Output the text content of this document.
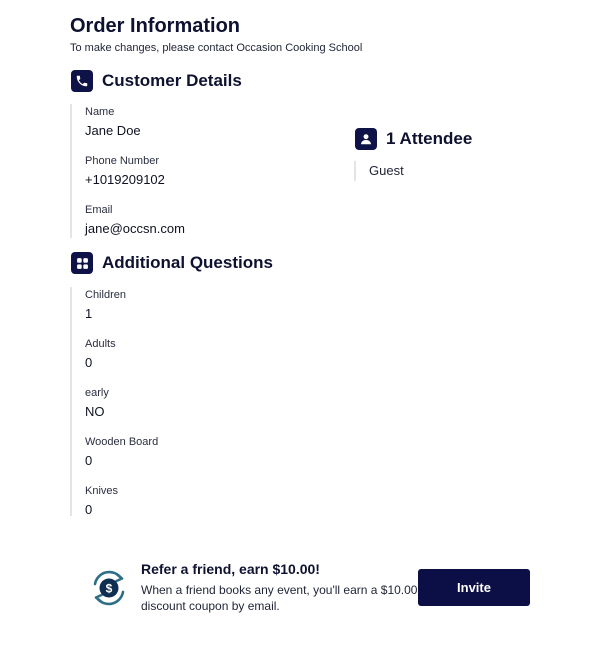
Order Information
To make changes, please contact Occasion Cooking School
Customer Details
Name
Jane Doe
Phone Number
+1019209102
Email
jane@occsn.com
1 Attendee
Guest
Additional Questions
Children
1
Adults
0
early
NO
Wooden Board
0
Knives
0
$
Refer a friend, earn $10.00!
When a friend books any event, you'll earn a $10.00 discount coupon by email.
Invite
